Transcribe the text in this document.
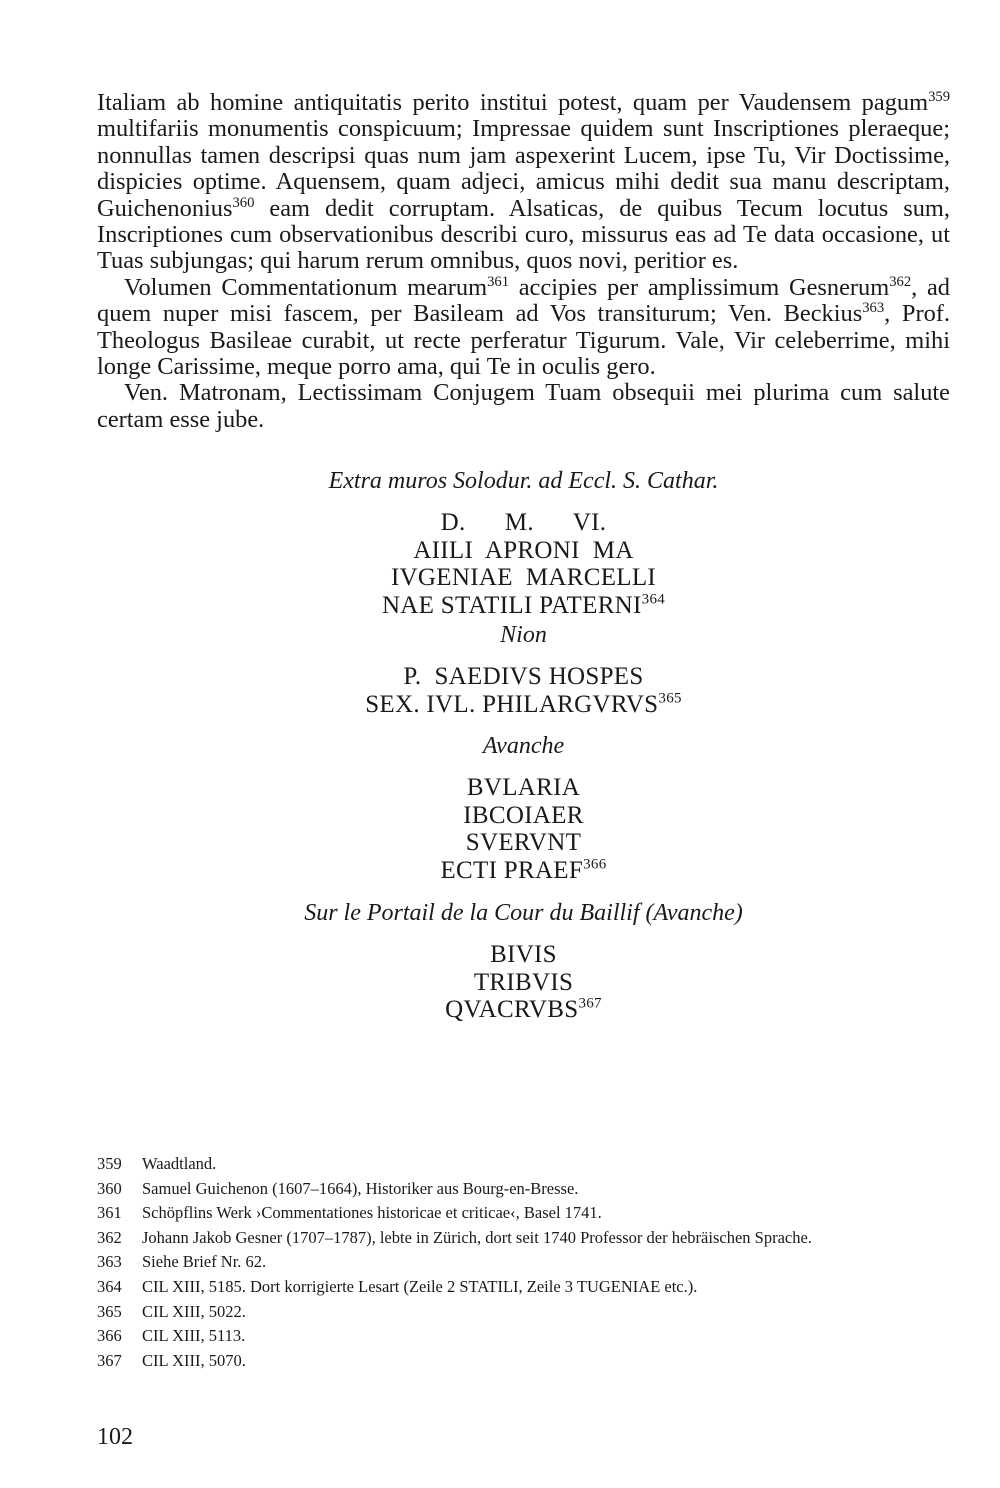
Italiam ab homine antiquitatis perito institui potest, quam per Vaudensem pagum$^{359}$ multifariis monumentis conspicuum; Impressae quidem sunt Inscriptiones pleraeque; nonnullas tamen descripsi quas num jam aspexerint Lucem, ipse Tu, Vir Doctissime, dispicies optime. Aquensem, quam adjeci, amicus mihi dedit sua manu descriptam, Guichenonius$^{360}$ eam dedit corruptam. Alsaticas, de quibus Tecum locutus sum, Inscriptiones cum observationibus describi curo, missurus eas ad Te data occasione, ut Tuas subjungas; qui harum rerum omnibus, quos novi, peritior es.

Volumen Commentationum mearum$^{361}$ accipies per amplissimum Gesnerum$^{362}$, ad quem nuper misi fascem, per Basileam ad Vos transiturum; Ven. Beckius$^{363}$, Prof. Theologus Basileae curabit, ut recte perferatur Tigurum. Vale, Vir celeberrime, mihi longe Carissime, meque porro ama, qui Te in oculis gero.

Ven. Matronam, Lectissimam Conjugem Tuam obsequii mei plurima cum salute certam esse jube.

Extra muros Solodur. ad Eccl. S. Cathar.
D.      M.      VI.
AIILI  APRONI  MA
IVGENIAE  MARCELLI
NAE STATILI PATERNI$^{364}$
Nion
P.  SAEDIVS HOSPES
SEX. IVL. PHILARGVRVS$^{365}$
Avanche
BVLARIA
IBCOIAER
SVERVNT
ECTI PRAEF$^{366}$
Sur le Portail de la Cour du Baillif (Avanche)
BIVIS
TRIBVIS
QVACRVBS$^{367}$
359	Waadtland.
360	Samuel Guichenon (1607–1664), Historiker aus Bourg-en-Bresse.
361	Schöpflins Werk ›Commentationes historicae et criticae‹, Basel 1741.
362	Johann Jakob Gesner (1707–1787), lebte in Zürich, dort seit 1740 Professor der hebräischen Sprache.
363	Siehe Brief Nr. 62.
364	CIL XIII, 5185. Dort korrigierte Lesart (Zeile 2 STATILI, Zeile 3 TUGENIAE etc.).
365	CIL XIII, 5022.
366	CIL XIII, 5113.
367	CIL XIII, 5070.
102
